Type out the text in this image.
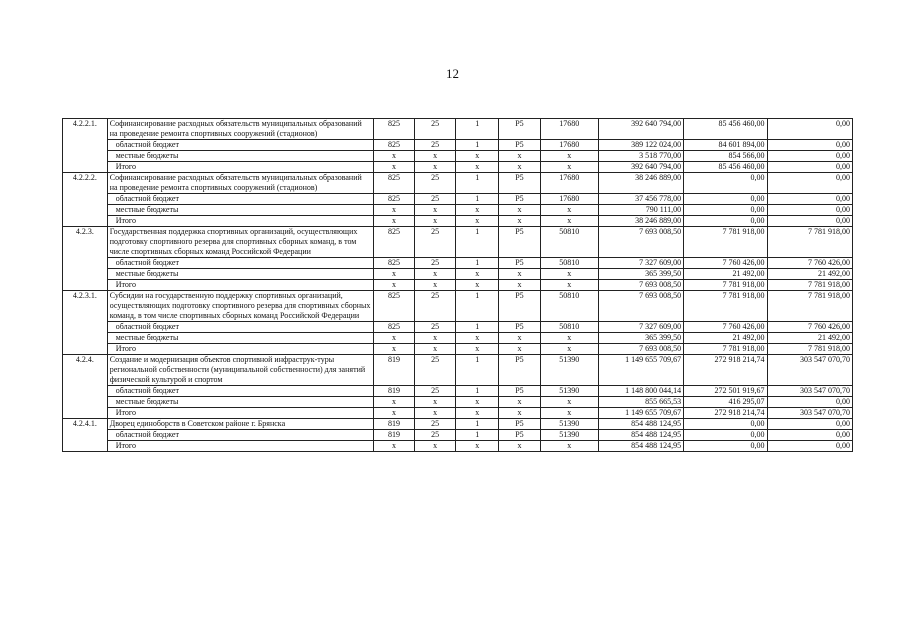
12
4.2.2.1.	Софинансирование расходных обязательств муниципальных образований на проведение ремонта спортивных сооружений (стадионов)	825	25	1	P5	17680	392 640 794,00	85 456 460,00	0,00
	областной бюджет	825	25	1	P5	17680	389 122 024,00	84 601 894,00	0,00
	местные бюджеты	x	x	x	x	x	3 518 770,00	854 566,00	0,00
	Итого	x	x	x	x	x	392 640 794,00	85 456 460,00	0,00
4.2.2.2.	Софинансирование расходных обязательств муниципальных образований на проведение ремонта спортивных сооружений (стадионов)	825	25	1	P5	17680	38 246 889,00	0,00	0,00
	областной бюджет	825	25	1	P5	17680	37 456 778,00	0,00	0,00
	местные бюджеты	x	x	x	x	x	790 111,00	0,00	0,00
	Итого	x	x	x	x	x	38 246 889,00	0,00	0,00
4.2.3.	Государственная поддержка спортивных организаций, осуществляющих подготовку спортивного резерва для спортивных сборных команд, в том числе спортивных сборных команд Российской Федерации	825	25	1	P5	50810	7 693 008,50	7 781 918,00	7 781 918,00
	областной бюджет	825	25	1	P5	50810	7 327 609,00	7 760 426,00	7 760 426,00
	местные бюджеты	x	x	x	x	x	365 399,50	21 492,00	21 492,00
	Итого	x	x	x	x	x	7 693 008,50	7 781 918,00	7 781 918,00
4.2.3.1.	Субсидии на государственную поддержку спортивных организаций, осуществляющих подготовку спортивного резерва для спортивных сборных команд, в том числе спортивных сборных команд Российской Федерации	825	25	1	P5	50810	7 693 008,50	7 781 918,00	7 781 918,00
	областной бюджет	825	25	1	P5	50810	7 327 609,00	7 760 426,00	7 760 426,00
	местные бюджеты	x	x	x	x	x	365 399,50	21 492,00	21 492,00
	Итого	x	x	x	x	x	7 693 008,50	7 781 918,00	7 781 918,00
4.2.4.	Создание и модернизация объектов спортивной инфраструк-туры региональной собственности (муниципальной собственности) для занятий физической культурой и спортом	819	25	1	P5	51390	1 149 655 709,67	272 918 214,74	303 547 070,70
	областной бюджет	819	25	1	P5	51390	1 148 800 044,14	272 501 919,67	303 547 070,70
	местные бюджеты	x	x	x	x	x	855 665,53	416 295,07	0,00
	Итого	x	x	x	x	x	1 149 655 709,67	272 918 214,74	303 547 070,70
4.2.4.1.	Дворец единоборств в Советском районе г. Брянска	819	25	1	P5	51390	854 488 124,95	0,00	0,00
	областной бюджет	819	25	1	P5	51390	854 488 124,95	0,00	0,00
	Итого	x	x	x	x	x	854 488 124,95	0,00	0,00
